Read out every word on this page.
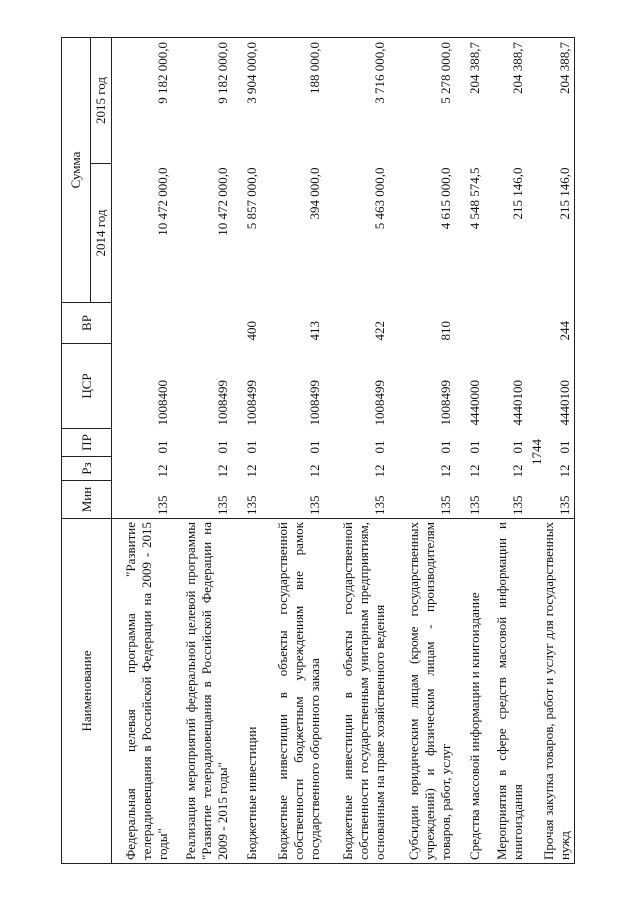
1744
Наименование	Мин	Рз	ПР	ЦСР	ВР	Сумма	
						2014 год	2015 год
Федеральная целевая программа "Развитие телерадиовещания в Российской Федерации на 2009 - 2015 годы"	135	12	01	1008400		10 472 000,0	9 182 000,0
Реализация мероприятий федеральной целевой программы "Развитие телерадиовещания в Российской Федерации на 2009 - 2015 годы"	135	12	01	1008499		10 472 000,0	9 182 000,0
Бюджетные инвестиции	135	12	01	1008499	400	5 857 000,0	3 904 000,0
Бюджетные инвестиции в объекты государственной собственности бюджетным учреждениям вне рамок государственного оборонного заказа	135	12	01	1008499	413	394 000,0	188 000,0
Бюджетные инвестиции в объекты государственной собственности государственным унитарным предприятиям, основанным на праве хозяйственного ведения	135	12	01	1008499	422	5 463 000,0	3 716 000,0
Субсидии юридическим лицам (кроме государственных учреждений) и физическим лицам - производителям товаров, работ, услуг	135	12	01	1008499	810	4 615 000,0	5 278 000,0
Средства массовой информации и книгоиздание	135	12	01	4440000		4 548 574,5	204 388,7
Мероприятия в сфере средств массовой информации и книгоиздания	135	12	01	4440100		215 146,0	204 388,7
Прочая закупка товаров, работ и услуг для государственных нужд	135	12	01	4440100	244	215 146,0	204 388,7
